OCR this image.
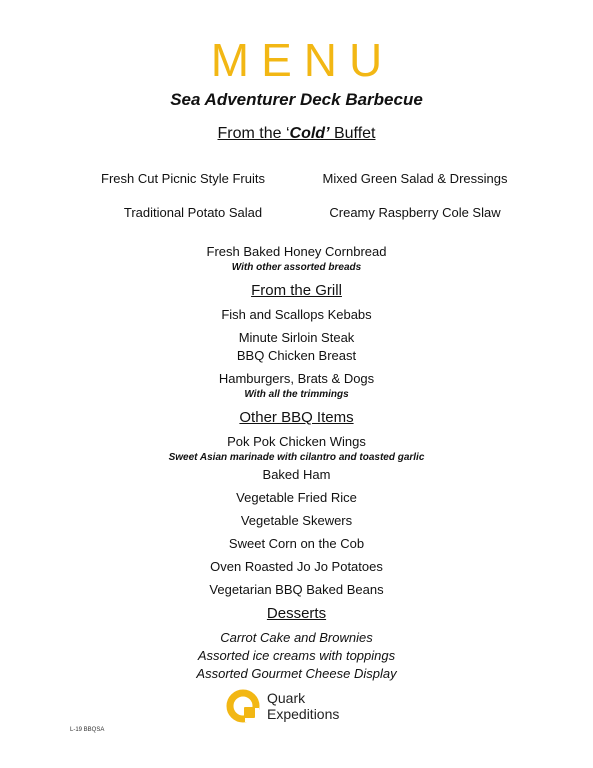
MENU
Sea Adventurer Deck Barbecue
From the ‘Cold’ Buffet
Fresh Cut Picnic Style Fruits	Mixed Green Salad & Dressings
Traditional Potato Salad	Creamy Raspberry Cole Slaw
Fresh Baked Honey Cornbread
With other assorted breads
From the Grill
Fish and Scallops Kebabs
Minute Sirloin Steak
BBQ Chicken Breast
Hamburgers, Brats & Dogs
With all the trimmings
Other BBQ Items
Pok Pok Chicken Wings
Sweet Asian marinade with cilantro and toasted garlic
Baked Ham
Vegetable Fried Rice
Vegetable Skewers
Sweet Corn on the Cob
Oven Roasted Jo Jo Potatoes
Vegetarian BBQ Baked Beans
Desserts
Carrot Cake and Brownies
Assorted ice creams with toppings
Assorted Gourmet Cheese Display
Quark
Expeditions
L-19 BBQSA
